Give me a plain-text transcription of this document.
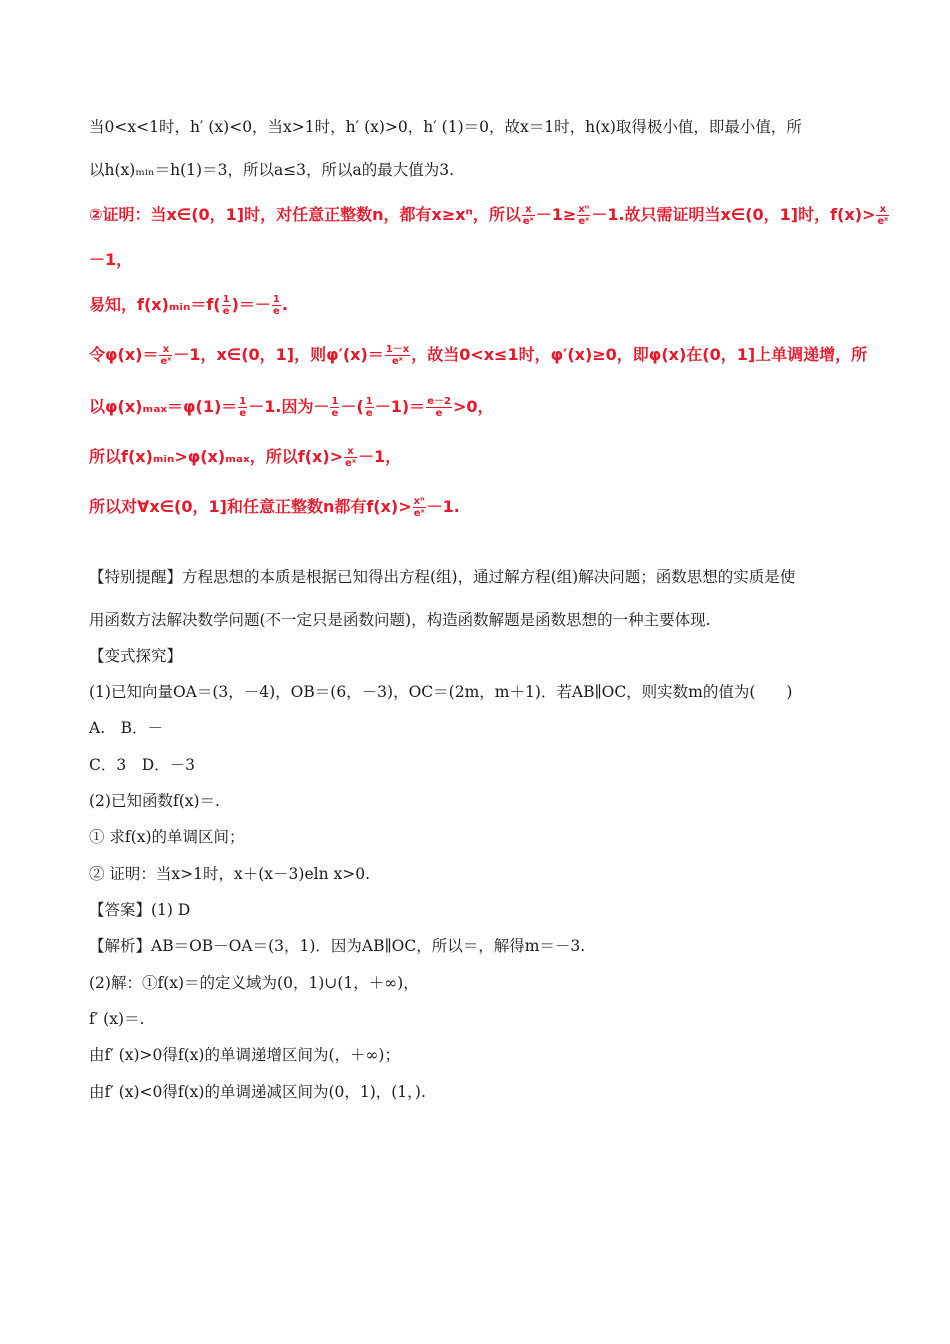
当0<x<1时，h′ (x)<0，当x>1时，h′ (x)>0，h′ (1)＝0，故x＝1时，h(x)取得极小值，即最小值，所
以h(x)ₘᵢₙ＝h(1)＝3，所以a≤3，所以a的最大值为3.
②证明：当x∈(0，1]时，对任意正整数n，都有x≥xⁿ，所以 $\frac{x}{\text{eˣ}} -1\ge \frac{\text{xⁿ}}{\text{eˣ}} -1$.故只需证明当x∈(0，1]时，$f(x)> \frac{x}{\text{eˣ}}$
－1，
易知，f(x)ₘᵢₙ＝f( $\frac{1}{e}$ )＝－ $\frac{1}{e}$ .
令$\varphi(x)= \frac{x}{\text{eˣ}} -1$，x∈(0，1]，则$\varphi'(x)= \frac{1-x}{\text{eˣ}}$ ，故当0<x≤1时，φ′(x)≥0，即φ(x)在(0，1]上单调递增，所
以$\varphi(x)_{max}=\varphi(1)= \frac{1}{e} -1$.因为－ $\frac{1}{e}$ －( $\frac{1}{e} -1)= \frac{e-2}{e} >0$，
所以f(x)ₘᵢₙ>φ(x)ₘₐₓ，所以$f(x)> \frac{x}{\text{eˣ}} -1$，
所以对∀x∈(0，1]和任意正整数n都有$f(x)> \frac{\text{xⁿ}}{\text{eˣ}} -1$.
【特别提醒】方程思想的本质是根据已知得出方程(组)，通过解方程(组)解决问题；函数思想的实质是使
用函数方法解决数学问题(不一定只是函数问题)，构造函数解题是函数思想的一种主要体现.
【变式探究】
(1)已知向量OA＝(3，－4)，OB＝(6，－3)，OC＝(2m，m＋1)．若AB∥OC，则实数m的值为(　　)
A.　B．－
C．3　D．－3
(2)已知函数f(x)＝.
① 求f(x)的单调区间；
② 证明：当x>1时，x＋(x－3)eln x>0.
【答案】(1) D
【解析】AB＝OB－OA＝(3，1)．因为AB∥OC，所以＝，解得m＝－3.
(2)解：①f(x)＝的定义域为(0，1)∪(1，＋∞)，
f′ (x)＝.
由f′ (x)>0得f(x)的单调递增区间为(，＋∞)；
由f′ (x)<0得f(x)的单调递减区间为(0，1)，(1，).
